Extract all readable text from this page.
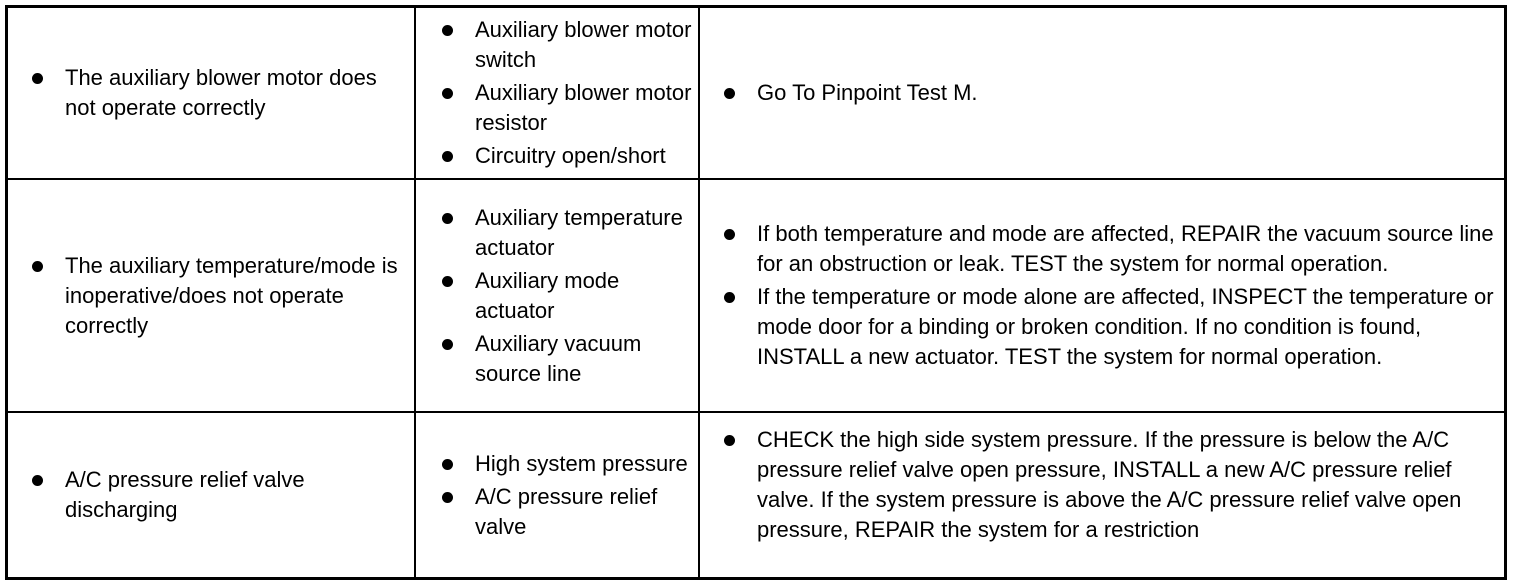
The auxiliary blower motor does not operate correctly
Auxiliary blower motor switch
Auxiliary blower motor resistor
Circuitry open/short
Go To Pinpoint Test M.
The auxiliary temperature/mode is inoperative/does not operate correctly
Auxiliary temperature actuator
Auxiliary mode actuator
Auxiliary vacuum source line
If both temperature and mode are affected, REPAIR the vacuum source line for an obstruction or leak. TEST the system for normal operation.
If the temperature or mode alone are affected, INSPECT the temperature or mode door for a binding or broken condition. If no condition is found, INSTALL a new actuator. TEST the system for normal operation.
A/C pressure relief valve discharging
High system pressure
A/C pressure relief valve
CHECK the high side system pressure. If the pressure is below the A/C pressure relief valve open pressure, INSTALL a new A/C pressure relief valve. If the system pressure is above the A/C pressure relief valve open pressure, REPAIR the system for a restriction
